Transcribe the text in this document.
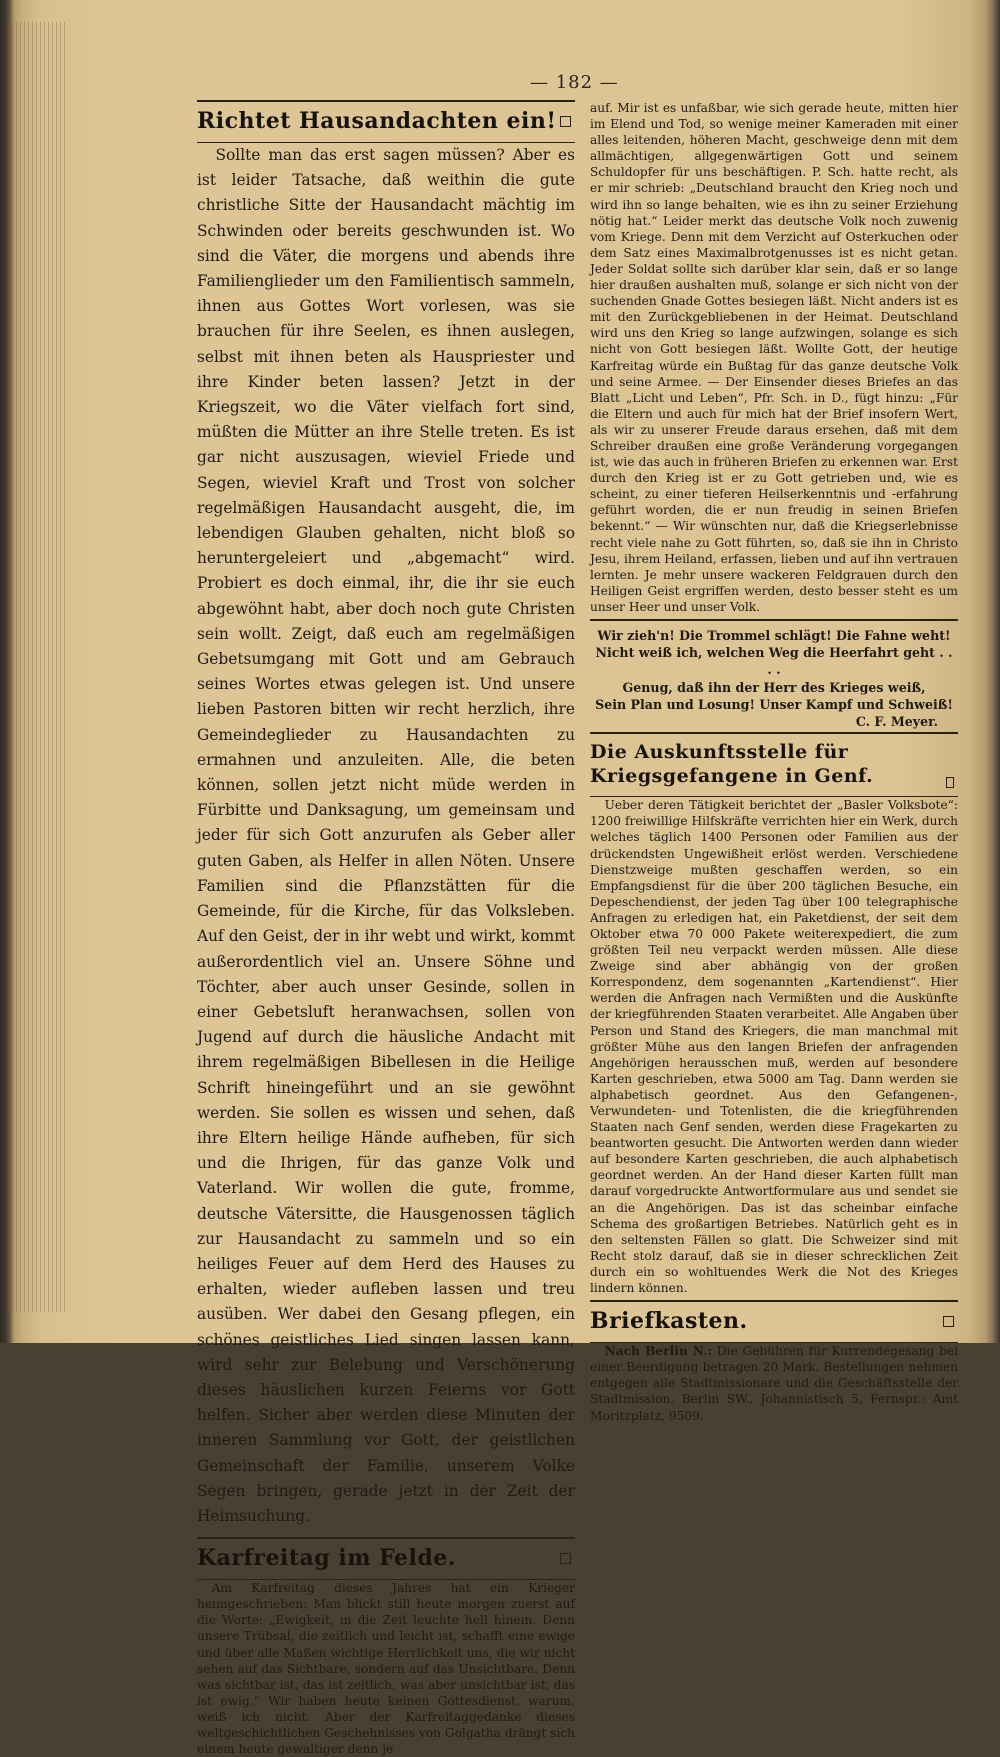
— 182 —
Richtet Hausandachten ein!

Sollte man das erst sagen müssen? Aber es ist leider Tatsache, daß weithin die gute christliche Sitte der Hausandacht mächtig im Schwinden oder bereits geschwunden ist. Wo sind die Väter, die morgens und abends ihre Familienglieder um den Familientisch sammeln, ihnen aus Gottes Wort vorlesen, was sie brauchen für ihre Seelen, es ihnen auslegen, selbst mit ihnen beten als Hauspriester und ihre Kinder beten lassen? Jetzt in der Kriegszeit, wo die Väter vielfach fort sind, müßten die Mütter an ihre Stelle treten. Es ist gar nicht auszusagen, wieviel Friede und Segen, wieviel Kraft und Trost von solcher regelmäßigen Hausandacht ausgeht, die, im lebendigen Glauben gehalten, nicht bloß so heruntergeleiert und „abgemacht“ wird. Probiert es doch einmal, ihr, die ihr sie euch abgewöhnt habt, aber doch noch gute Christen sein wollt. Zeigt, daß euch am regelmäßigen Gebetsumgang mit Gott und am Gebrauch seines Wortes etwas gelegen ist. Und unsere lieben Pastoren bitten wir recht herzlich, ihre Gemeindeglieder zu Hausandachten zu ermahnen und anzuleiten. Alle, die beten können, sollen jetzt nicht müde werden in Fürbitte und Danksagung, um gemeinsam und jeder für sich Gott anzurufen als Geber aller guten Gaben, als Helfer in allen Nöten. Unsere Familien sind die Pflanzstätten für die Gemeinde, für die Kirche, für das Volksleben. Auf den Geist, der in ihr webt und wirkt, kommt außerordentlich viel an. Unsere Söhne und Töchter, aber auch unser Gesinde, sollen in einer Gebetsluft heranwachsen, sollen von Jugend auf durch die häusliche Andacht mit ihrem regelmäßigen Bibellesen in die Heilige Schrift hineingeführt und an sie gewöhnt werden. Sie sollen es wissen und sehen, daß ihre Eltern heilige Hände aufheben, für sich und die Ihrigen, für das ganze Volk und Vaterland. Wir wollen die gute, fromme, deutsche Vätersitte, die Hausgenossen täglich zur Hausandacht zu sammeln und so ein heiliges Feuer auf dem Herd des Hauses zu erhalten, wieder aufleben lassen und treu ausüben. Wer dabei den Gesang pflegen, ein schönes geistliches Lied singen lassen kann, wird sehr zur Belebung und Verschönerung dieses häuslichen kurzen Feierns vor Gott helfen. Sicher aber werden diese Minuten der inneren Sammlung vor Gott, der geistlichen Gemeinschaft der Familie, unserem Volke Segen bringen, gerade jetzt in der Zeit der Heimsuchung.

Karfreitag im Felde.

Am Karfreitag dieses Jahres hat ein Krieger heimgeschrieben: Man blickt still heute morgen zuerst auf die Worte: „Ewigkeit, in die Zeit leuchte hell hinein. Denn unsere Trübsal, die zeitlich und leicht ist, schafft eine ewige und über alle Maßen wichtige Herrlichkeit uns, die wir nicht sehen auf das Sichtbare, sondern auf das Unsichtbare. Denn was sichtbar ist, das ist zeitlich, was aber unsichtbar ist, das ist ewig.“ Wir haben heute keinen Gottesdienst, warum, weiß ich nicht. Aber der Karfreitaggedanke dieses weltgeschichtlichen Geschehnisses von Golgatha drängt sich einem heute gewaltiger denn je

auf. Mir ist es unfaßbar, wie sich gerade heute, mitten hier im Elend und Tod, so wenige meiner Kameraden mit einer alles leitenden, höheren Macht, geschweige denn mit dem allmächtigen, allgegenwärtigen Gott und seinem Schuldopfer für uns beschäftigen. P. Sch. hatte recht, als er mir schrieb: „Deutschland braucht den Krieg noch und wird ihn so lange behalten, wie es ihn zu seiner Erziehung nötig hat.“ Leider merkt das deutsche Volk noch zuwenig vom Kriege. Denn mit dem Verzicht auf Osterkuchen oder dem Satz eines Maximalbrotgenusses ist es nicht getan. Jeder Soldat sollte sich darüber klar sein, daß er so lange hier draußen aushalten muß, solange er sich nicht von der suchenden Gnade Gottes besiegen läßt. Nicht anders ist es mit den Zurückgebliebenen in der Heimat. Deutschland wird uns den Krieg so lange aufzwingen, solange es sich nicht von Gott besiegen läßt. Wollte Gott, der heutige Karfreitag würde ein Bußtag für das ganze deutsche Volk und seine Armee. — Der Einsender dieses Briefes an das Blatt „Licht und Leben“, Pfr. Sch. in D., fügt hinzu: „Für die Eltern und auch für mich hat der Brief insofern Wert, als wir zu unserer Freude daraus ersehen, daß mit dem Schreiber draußen eine große Veränderung vorgegangen ist, wie das auch in früheren Briefen zu erkennen war. Erst durch den Krieg ist er zu Gott getrieben und, wie es scheint, zu einer tieferen Heilserkenntnis und -erfahrung geführt worden, die er nun freudig in seinen Briefen bekennt.“ — Wir wünschten nur, daß die Kriegserlebnisse recht viele nahe zu Gott führten, so, daß sie ihn in Christo Jesu, ihrem Heiland, erfassen, lieben und auf ihn vertrauen lernten. Je mehr unsere wackeren Feldgrauen durch den Heiligen Geist ergriffen werden, desto besser steht es um unser Heer und unser Volk.

Wir zieh'n! Die Trommel schlägt! Die Fahne weht!
Nicht weiß ich, welchen Weg die Heerfahrt geht . . . .
Genug, daß ihn der Herr des Krieges weiß,
Sein Plan und Losung! Unser Kampf und Schweiß!
C. F. Meyer.
Die Auskunftsstelle für Kriegsgefangene in Genf.

Ueber deren Tätigkeit berichtet der „Basler Volksbote“: 1200 freiwillige Hilfskräfte verrichten hier ein Werk, durch welches täglich 1400 Personen oder Familien aus der drückendsten Ungewißheit erlöst werden. Verschiedene Dienstzweige mußten geschaffen werden, so ein Empfangsdienst für die über 200 täglichen Besuche, ein Depeschendienst, der jeden Tag über 100 telegraphische Anfragen zu erledigen hat, ein Paketdienst, der seit dem Oktober etwa 70 000 Pakete weiterexpediert, die zum größten Teil neu verpackt werden müssen. Alle diese Zweige sind aber abhängig von der großen Korrespondenz, dem sogenannten „Kartendienst“. Hier werden die Anfragen nach Vermißten und die Auskünfte der kriegführenden Staaten verarbeitet. Alle Angaben über Person und Stand des Kriegers, die man manchmal mit größter Mühe aus den langen Briefen der anfragenden Angehörigen herausschen muß, werden auf besondere Karten geschrieben, etwa 5000 am Tag. Dann werden sie alphabetisch geordnet. Aus den Gefangenen-, Verwundeten- und Totenlisten, die die kriegführenden Staaten nach Genf senden, werden diese Fragekarten zu beantworten gesucht. Die Antworten werden dann wieder auf besondere Karten geschrieben, die auch alphabetisch geordnet werden. An der Hand dieser Karten füllt man darauf vorgedruckte Antwortformulare aus und sendet sie an die Angehörigen. Das ist das scheinbar einfache Schema des großartigen Betriebes. Natürlich geht es in den seltensten Fällen so glatt. Die Schweizer sind mit Recht stolz darauf, daß sie in dieser schrecklichen Zeit durch ein so wohltuendes Werk die Not des Krieges lindern können.

Briefkasten.

Nach Berlin N.: Die Gebühren für Kurrendegesang bei einer Beerdigung betragen 20 Mark. Bestellungen nehmen entgegen alle Stadtmissionare und die Geschäftsstelle der Stadtmission, Berlin SW., Johannistisch 5, Fernspr.: Amt Moritzplatz, 9509.
